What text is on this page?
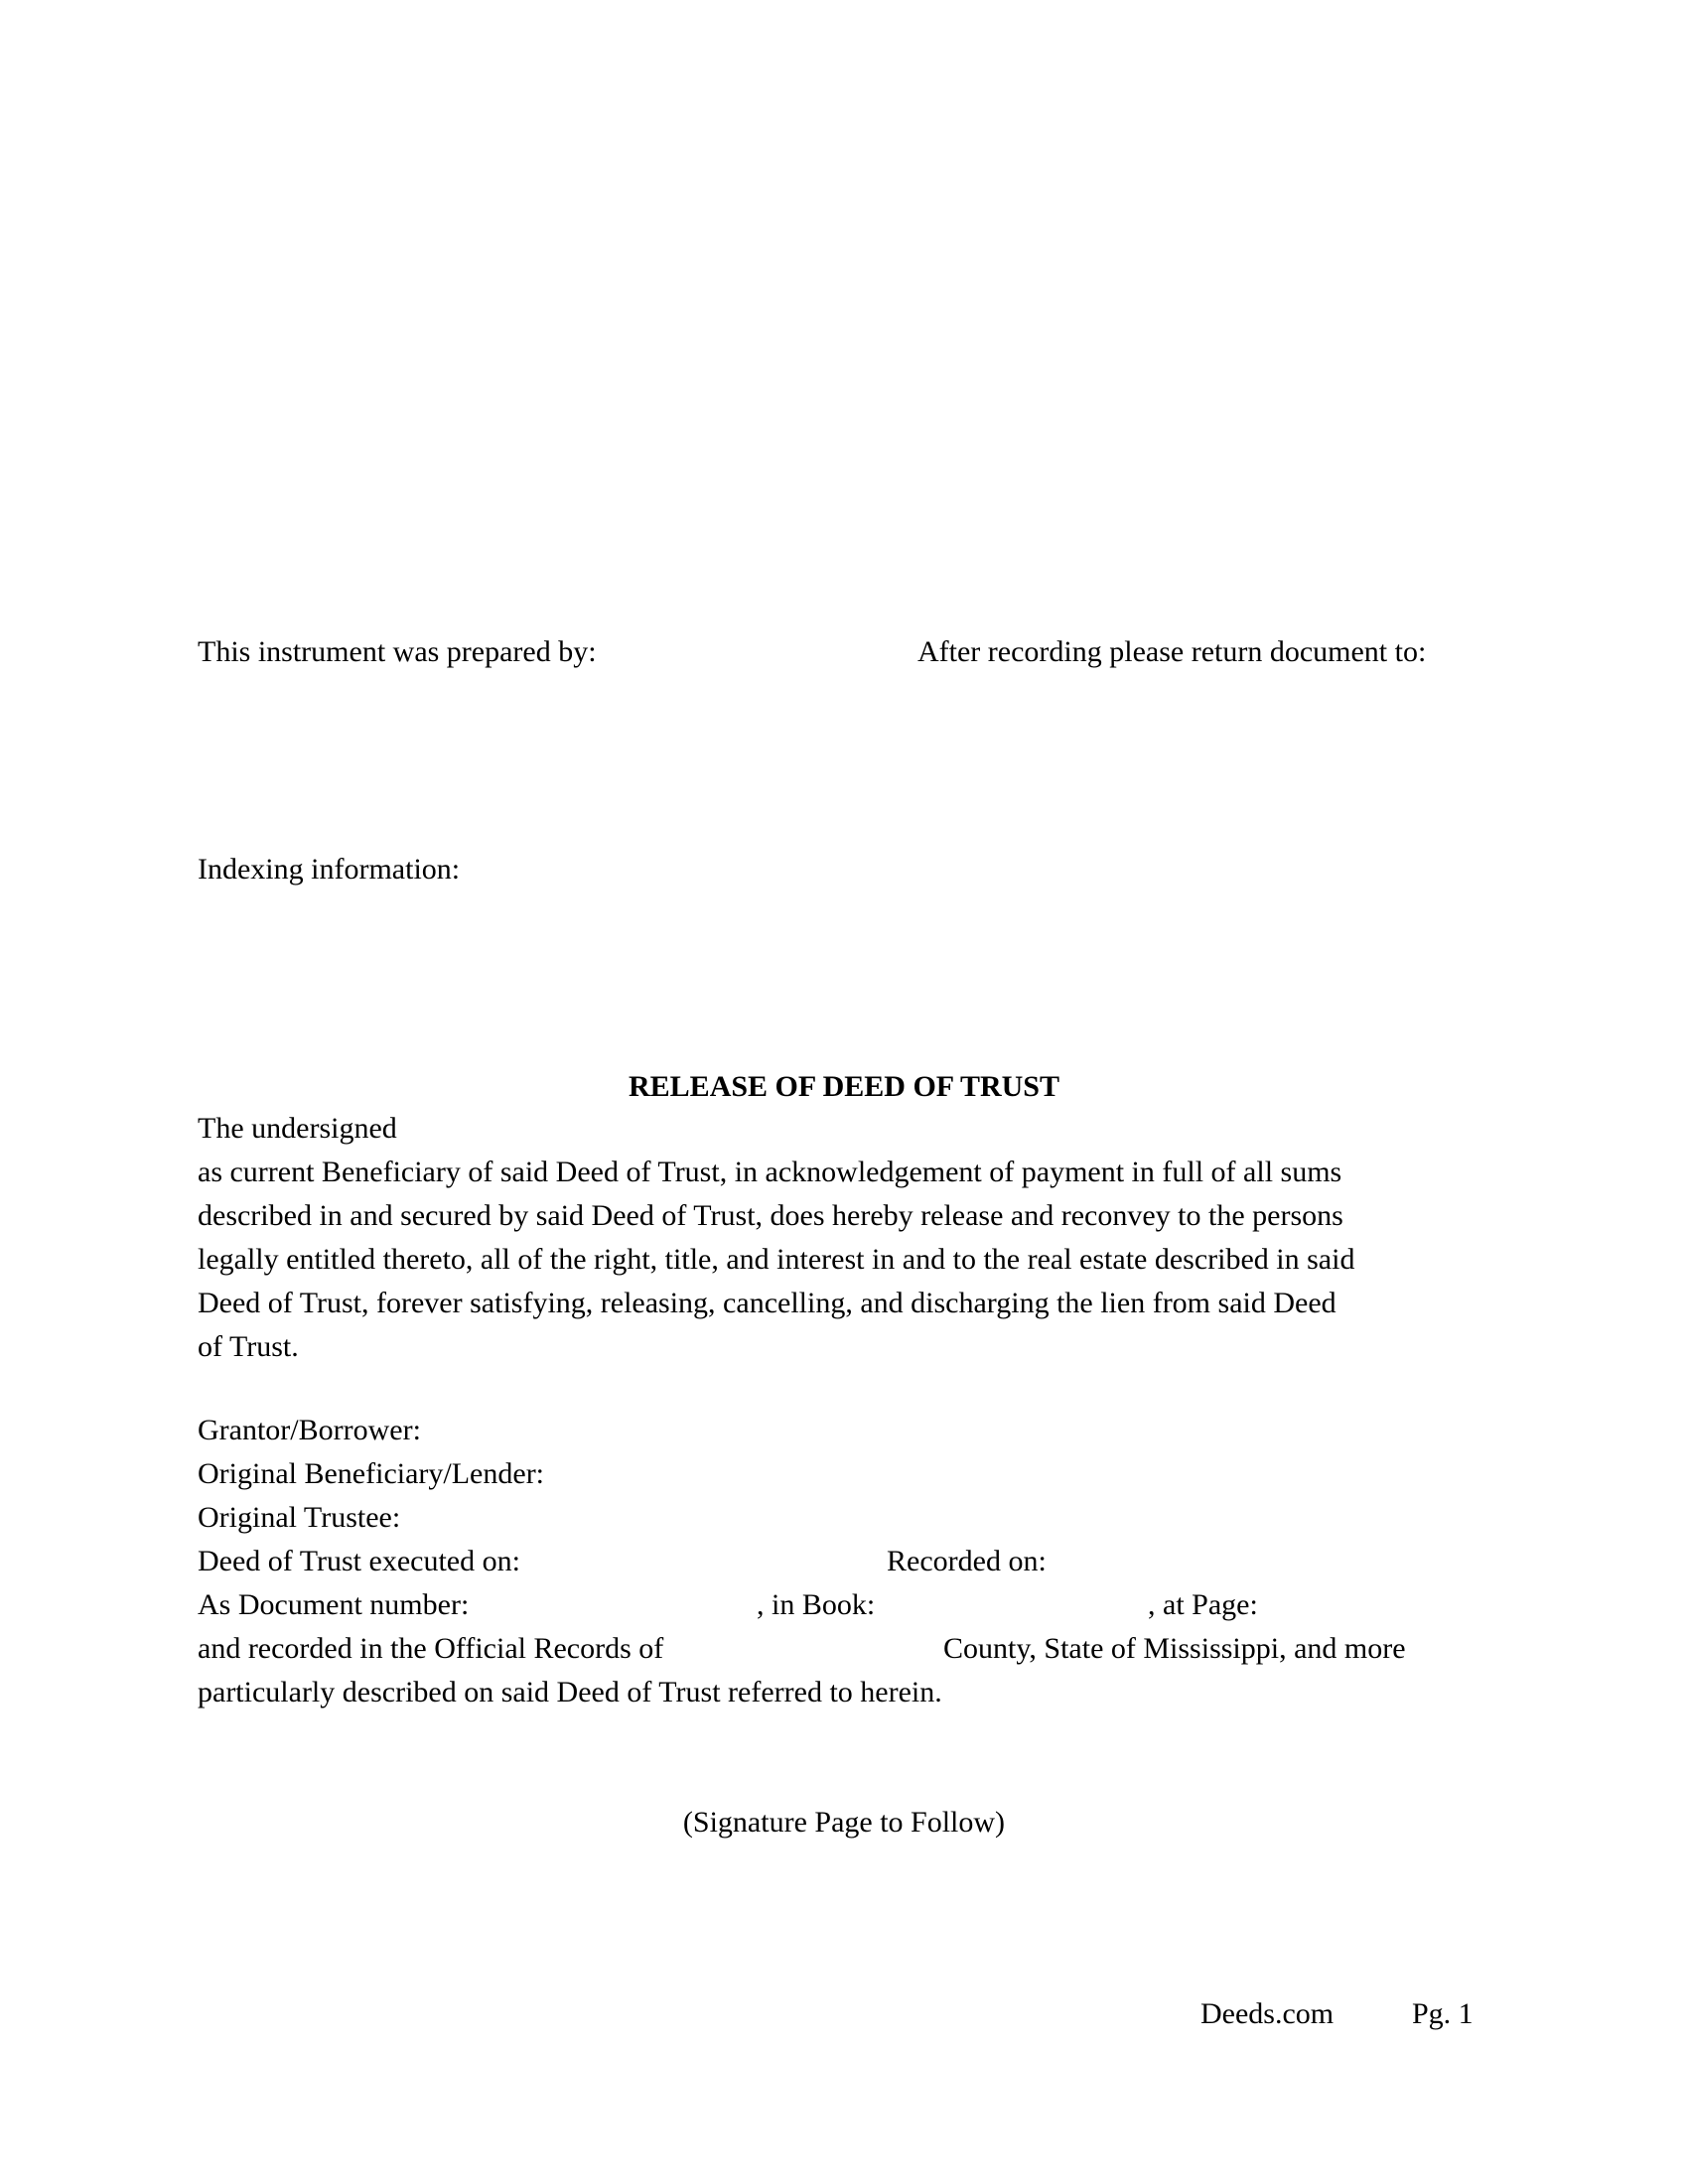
This instrument was prepared by:	After recording please return document to:
Indexing information:
RELEASE OF DEED OF TRUST
The undersigned
as current Beneficiary of said Deed of Trust, in acknowledgement of payment in full of all sums
described in and secured by said Deed of Trust, does hereby release and reconvey to the persons
legally entitled thereto, all of the right, title, and interest in and to the real estate described in said
Deed of Trust, forever satisfying, releasing, cancelling, and discharging the lien from said Deed
of Trust.
Grantor/Borrower:
Original Beneficiary/Lender:
Original Trustee:
Deed of Trust executed on:	Recorded on:
As Document number:	, in Book:	, at Page:
and recorded in the Official Records of	County, State of Mississippi, and more
particularly described on said Deed of Trust referred to herein.
(Signature Page to Follow)
Deeds.com	Pg. 1
